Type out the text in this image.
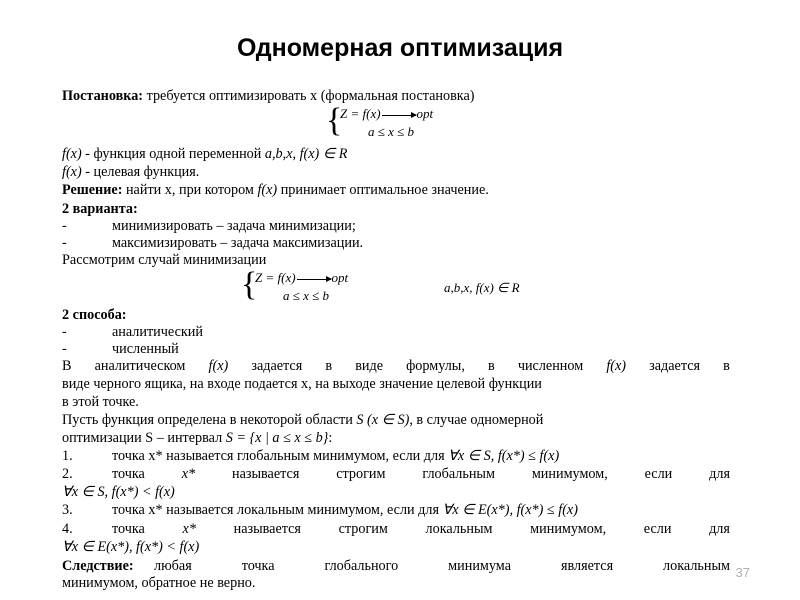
Одномерная оптимизация
Постановка: требуется оптимизировать x (формальная постановка)
{
Z = f(x)	opt
a ≤ x ≤ b
f(x) - функция одной переменной a,b,x, f(x) ∈ R
f(x) - целевая функция.
Решение: найти x, при котором f(x) принимает оптимальное значение.
2 варианта:
-	минимизировать – задача минимизации;
-	максимизировать – задача максимизации.
Рассмотрим случай минимизации
{
Z = f(x)	opt
a ≤ x ≤ b
a,b,x, f(x) ∈ R
2 способа:
-	аналитический
-	численный
В аналитическом f(x) задается в виде формулы, в численном f(x) задается в
виде черного ящика, на входе подается x, на выходе значение целевой функции
в этой точке.
Пусть функция определена в некоторой области S (x ∈ S), в случае одномерной
оптимизации S – интервал S = {x | a ≤ x ≤ b}:
1.	точка x* называется глобальным минимумом, если для ∀x ∈ S, f(x*) ≤ f(x)
2.	точка	x*	называется	строгим	глобальным	минимумом,	если	для
∀x ∈ S, f(x*) < f(x)
3.	точка x* называется локальным минимумом, если для ∀x ∈ E(x*), f(x*) ≤ f(x)
4.	точка	x*	называется	строгим	локальным	минимумом,	если	для
∀x ∈ E(x*), f(x*) < f(x)
Следствие:	любая	точка	глобального	минимума	является	локальным
минимумом, обратное не верно.
37
